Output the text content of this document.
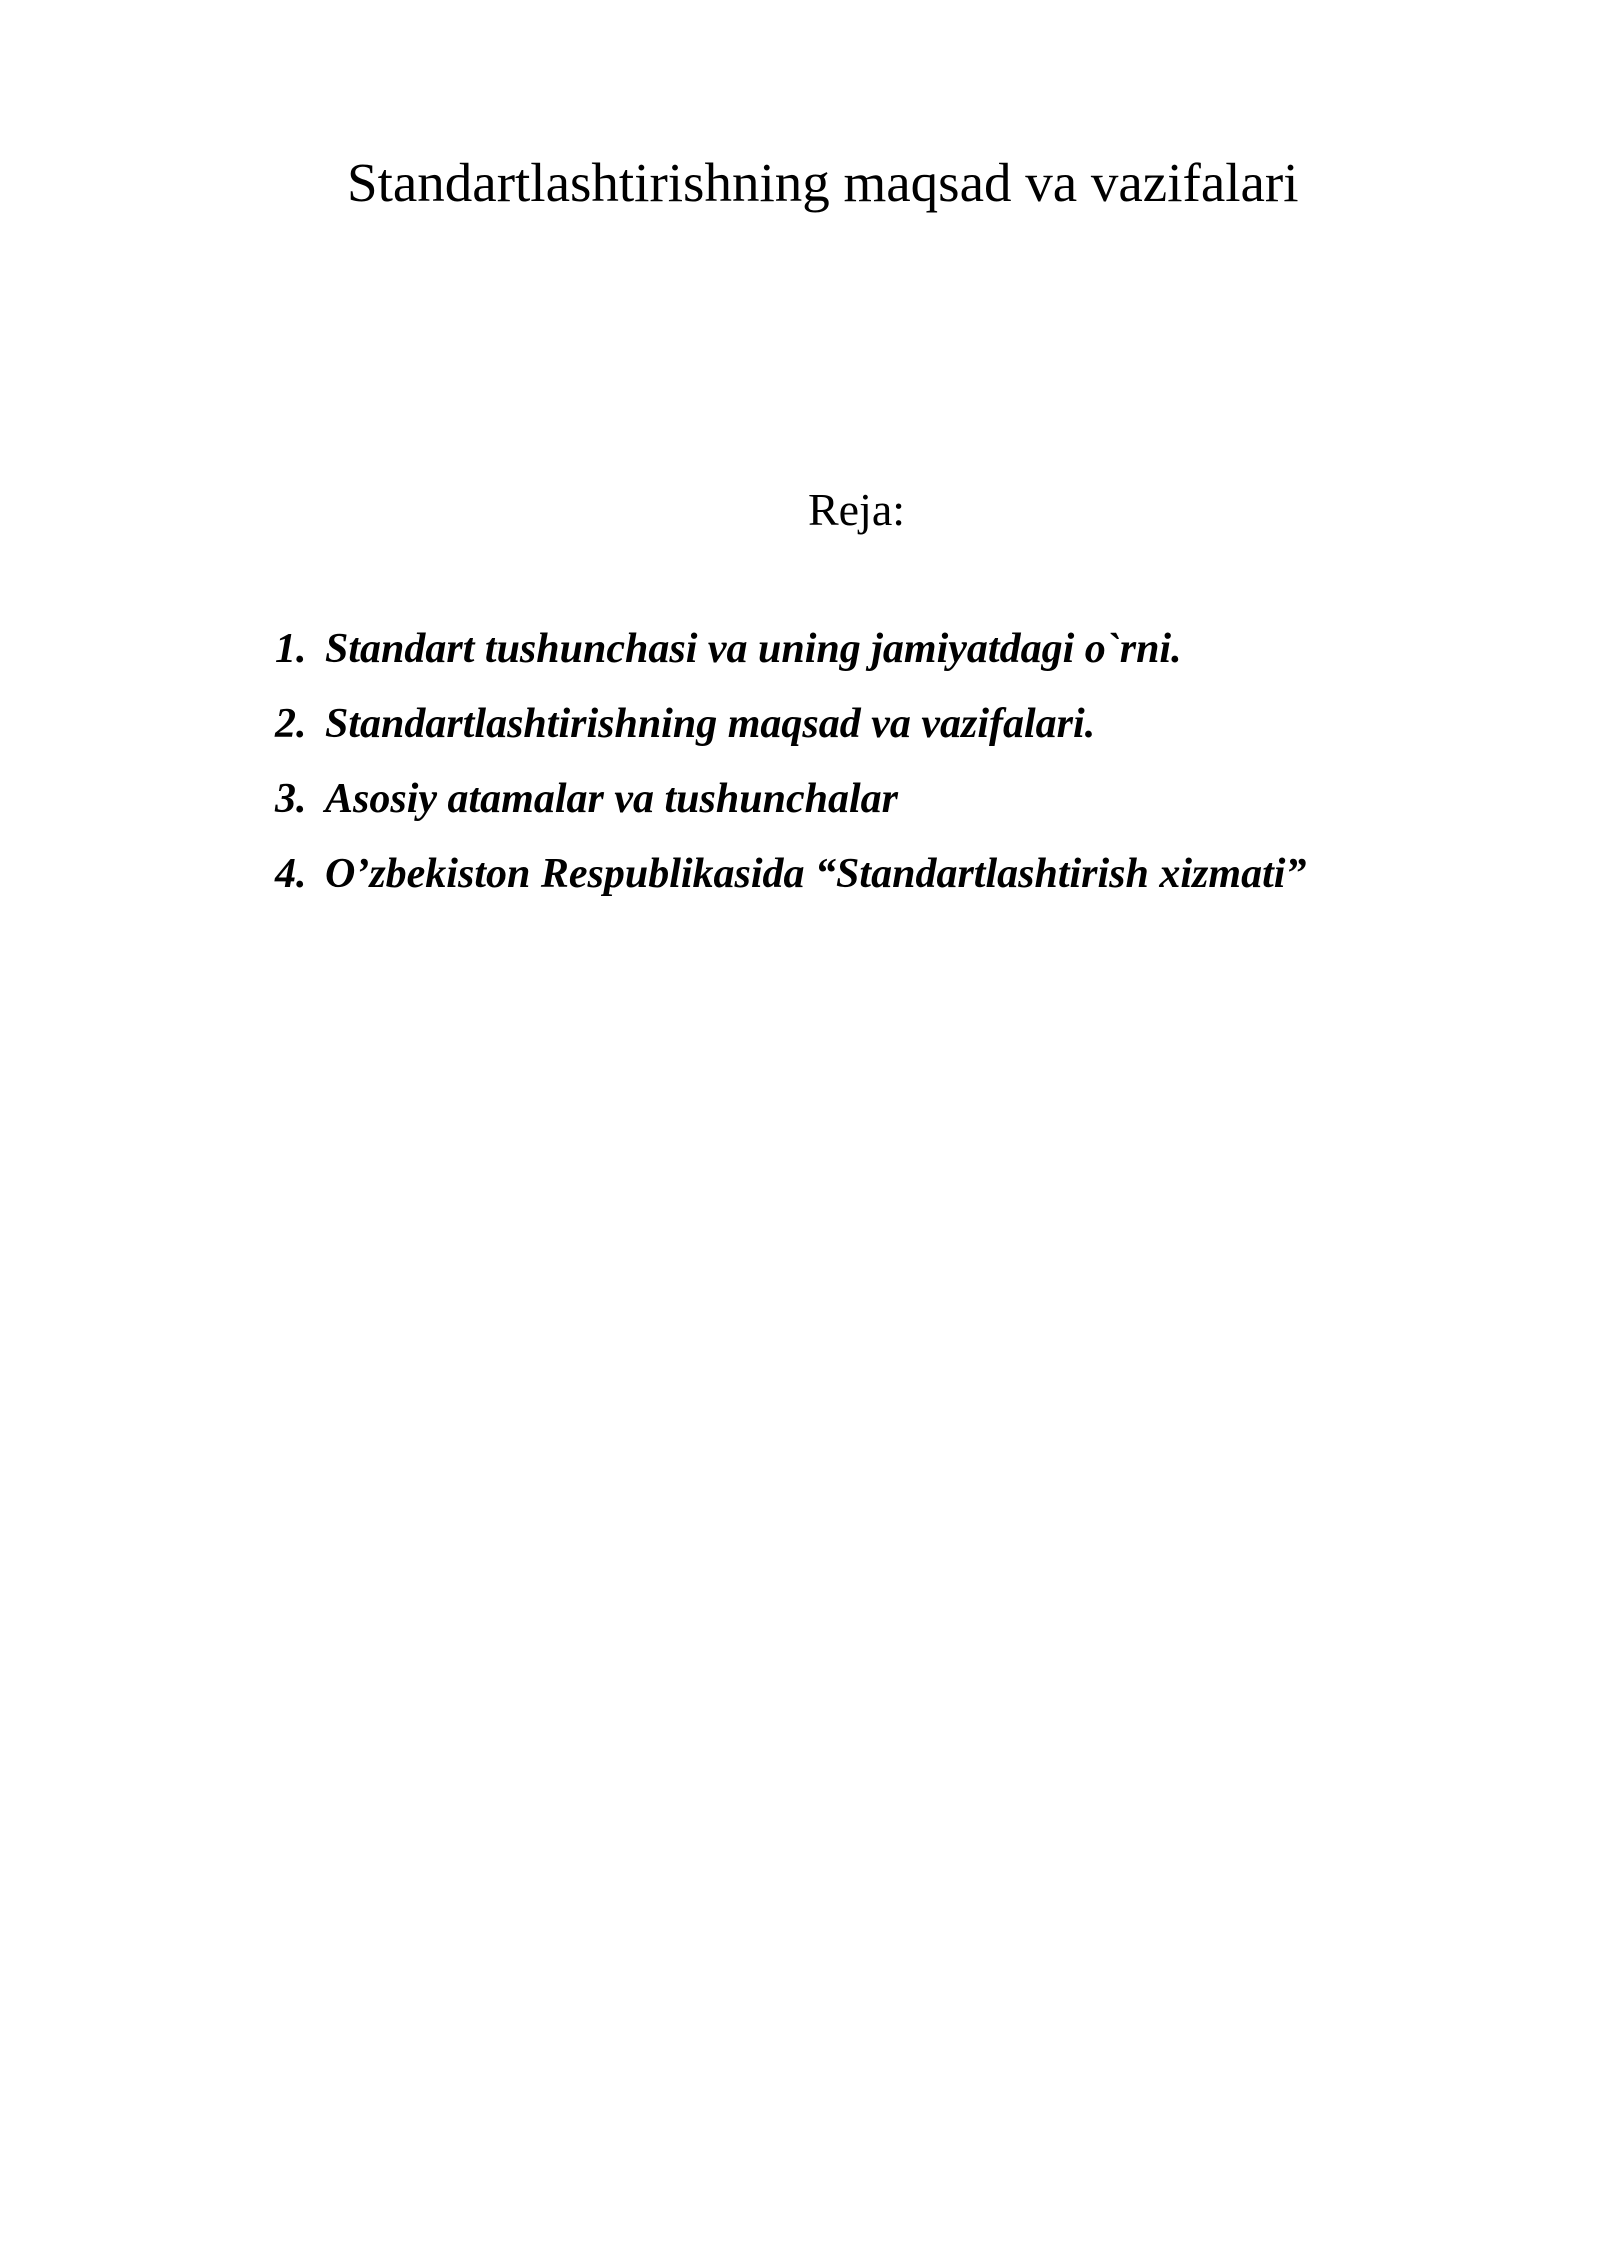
Standartlashtirishning maqsad va vazifalari
Reja:
1. Standart tushunchasi va uning jamiyatdagi o`rni.
2. Standartlashtirishning maqsad va vazifalari.
3. Asosiy atamalar va tushunchalar
4. O’zbekiston Respublikasida “Standartlashtirish xizmati”
